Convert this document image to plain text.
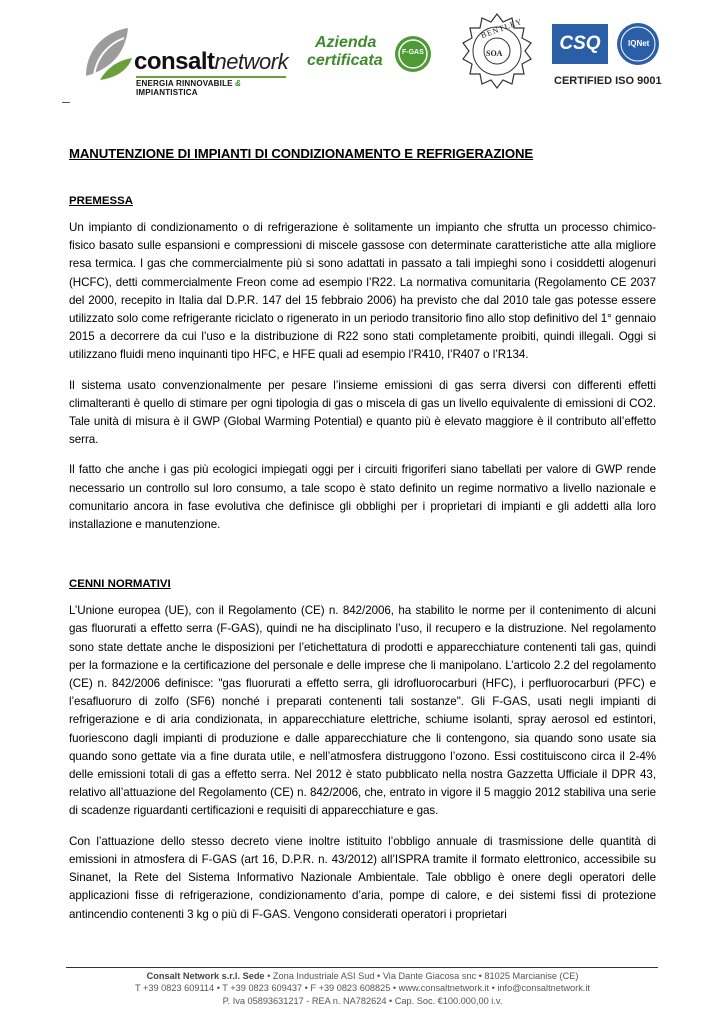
consaltnetwork
ENERGIA RINNOVABILE & IMPIANTISTICA
Azienda
certificata	F-GAS
BENTLEY
SOA	CSQ	IQNet
CERTIFIED ISO 9001
MANUTENZIONE DI IMPIANTI DI CONDIZIONAMENTO E REFRIGERAZIONE
PREMESSA

Un impianto di condizionamento o di refrigerazione è solitamente un impianto che sfrutta un processo chimico-fisico basato sulle espansioni e compressioni di miscele gassose con determinate caratteristiche atte alla migliore resa termica. I gas che commercialmente più si sono adattati in passato a tali impieghi sono i cosiddetti alogenuri (HCFC), detti commercialmente Freon come ad esempio l’R22. La normativa comunitaria (Regolamento CE 2037 del 2000, recepito in Italia dal D.P.R. 147 del 15 febbraio 2006) ha previsto che dal 2010 tale gas potesse essere utilizzato solo come refrigerante riciclato o rigenerato in un periodo transitorio fino allo stop definitivo del 1° gennaio 2015 a decorrere da cui l’uso e la distribuzione di R22 sono stati completamente proibiti, quindi illegali. Oggi si utilizzano fluidi meno inquinanti tipo HFC, e HFE quali ad esempio l’R410, l’R407 o l’R134.

Il sistema usato convenzionalmente per pesare l’insieme emissioni di gas serra diversi con differenti effetti climalteranti è quello di stimare per ogni tipologia di gas o miscela di gas un livello equivalente di emissioni di CO2. Tale unità di misura è il GWP (Global Warming Potential) e quanto più è elevato maggiore è il contributo all’effetto serra.

Il fatto che anche i gas più ecologici impiegati oggi per i circuiti frigoriferi siano tabellati per valore di GWP rende necessario un controllo sul loro consumo, a tale scopo è stato definito un regime normativo a livello nazionale e comunitario ancora in fase evolutiva che definisce gli obblighi per i proprietari di impianti e gli addetti alla loro installazione e manutenzione.

CENNI NORMATIVI

L’Unione europea (UE), con il Regolamento (CE) n. 842/2006, ha stabilito le norme per il contenimento di alcuni gas fluorurati a effetto serra (F-GAS), quindi ne ha disciplinato l’uso, il recupero e la distruzione. Nel regolamento sono state dettate anche le disposizioni per l’etichettatura di prodotti e apparecchiature contenenti tali gas, quindi per la formazione e la certificazione del personale e delle imprese che li manipolano. L’articolo 2.2 del regolamento (CE) n. 842/2006 definisce: "gas fluorurati a effetto serra, gli idrofluorocarburi (HFC), i perfluorocarburi (PFC) e l’esafluoruro di zolfo (SF6) nonché i preparati contenenti tali sostanze". Gli F-GAS, usati negli impianti di refrigerazione e di aria condizionata, in apparecchiature elettriche, schiume isolanti, spray aerosol ed estintori, fuoriescono dagli impianti di produzione e dalle apparecchiature che li contengono, sia quando sono usate sia quando sono gettate via a fine durata utile, e nell’atmosfera distruggono l’ozono. Essi costituiscono circa il 2-4% delle emissioni totali di gas a effetto serra. Nel 2012 è stato pubblicato nella nostra Gazzetta Ufficiale il DPR 43, relativo all’attuazione del Regolamento (CE) n. 842/2006, che, entrato in vigore il 5 maggio 2012 stabiliva una serie di scadenze riguardanti certificazioni e requisiti di apparecchiature e gas.

Con l’attuazione dello stesso decreto viene inoltre istituito l’obbligo annuale di trasmissione delle quantità di emissioni in atmosfera di F-GAS (art 16, D.P.R. n. 43/2012) all’ISPRA tramite il formato elettronico, accessibile su Sinanet, la Rete del Sistema Informativo Nazionale Ambientale. Tale obbligo è onere degli operatori delle applicazioni fisse di refrigerazione, condizionamento d’aria, pompe di calore, e dei sistemi fissi di protezione antincendio contenenti 3 kg o più di F-GAS. Vengono considerati operatori i proprietari

Consalt Network s.r.l. Sede • Zona Industriale ASI Sud • Via Dante Giacosa snc • 81025 Marcianise (CE)
T +39 0823 609114 • T +39 0823 609437 • F +39 0823 608825 • www.consaltnetwork.it • info@consaltnetwork.it
P. Iva 05893631217 - REA n. NA782624 • Cap. Soc. €100.000,00 i.v.
